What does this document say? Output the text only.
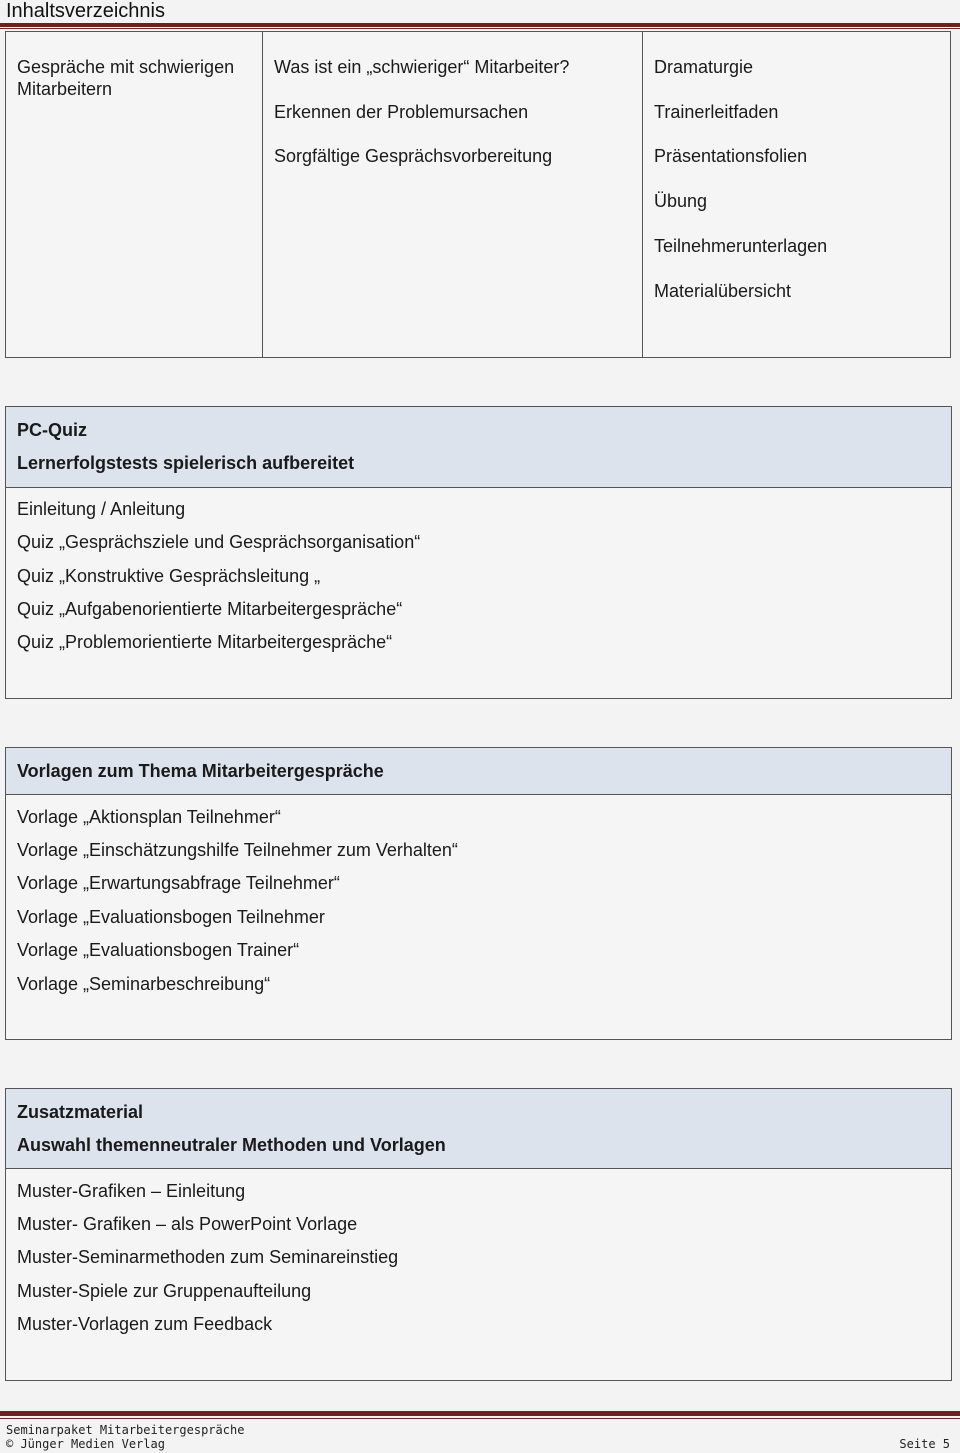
Inhaltsverzeichnis
Gespräche mit schwierigen
Mitarbeitern
Was ist ein „schwieriger“ Mitarbeiter?
Erkennen der Problemursachen
Sorgfältige Gesprächsvorbereitung
Dramaturgie
Trainerleitfaden
Präsentationsfolien
Übung
Teilnehmerunterlagen
Materialübersicht
PC-Quiz
Lernerfolgstests spielerisch aufbereitet
Einleitung / Anleitung
Quiz „Gesprächsziele und Gesprächsorganisation“
Quiz „Konstruktive Gesprächsleitung „
Quiz „Aufgabenorientierte Mitarbeitergespräche“
Quiz „Problemorientierte Mitarbeitergespräche“
Vorlagen zum Thema Mitarbeitergespräche
Vorlage „Aktionsplan Teilnehmer“
Vorlage „Einschätzungshilfe Teilnehmer zum Verhalten“
Vorlage „Erwartungsabfrage Teilnehmer“
Vorlage „Evaluationsbogen Teilnehmer
Vorlage „Evaluationsbogen Trainer“
Vorlage „Seminarbeschreibung“
Zusatzmaterial
Auswahl themenneutraler Methoden und Vorlagen
Muster-Grafiken – Einleitung
Muster- Grafiken – als PowerPoint Vorlage
Muster-Seminarmethoden zum Seminareinstieg
Muster-Spiele zur Gruppenaufteilung
Muster-Vorlagen zum Feedback
Seminarpaket Mitarbeitergespräche
© Jünger Medien Verlag	Seite 5
